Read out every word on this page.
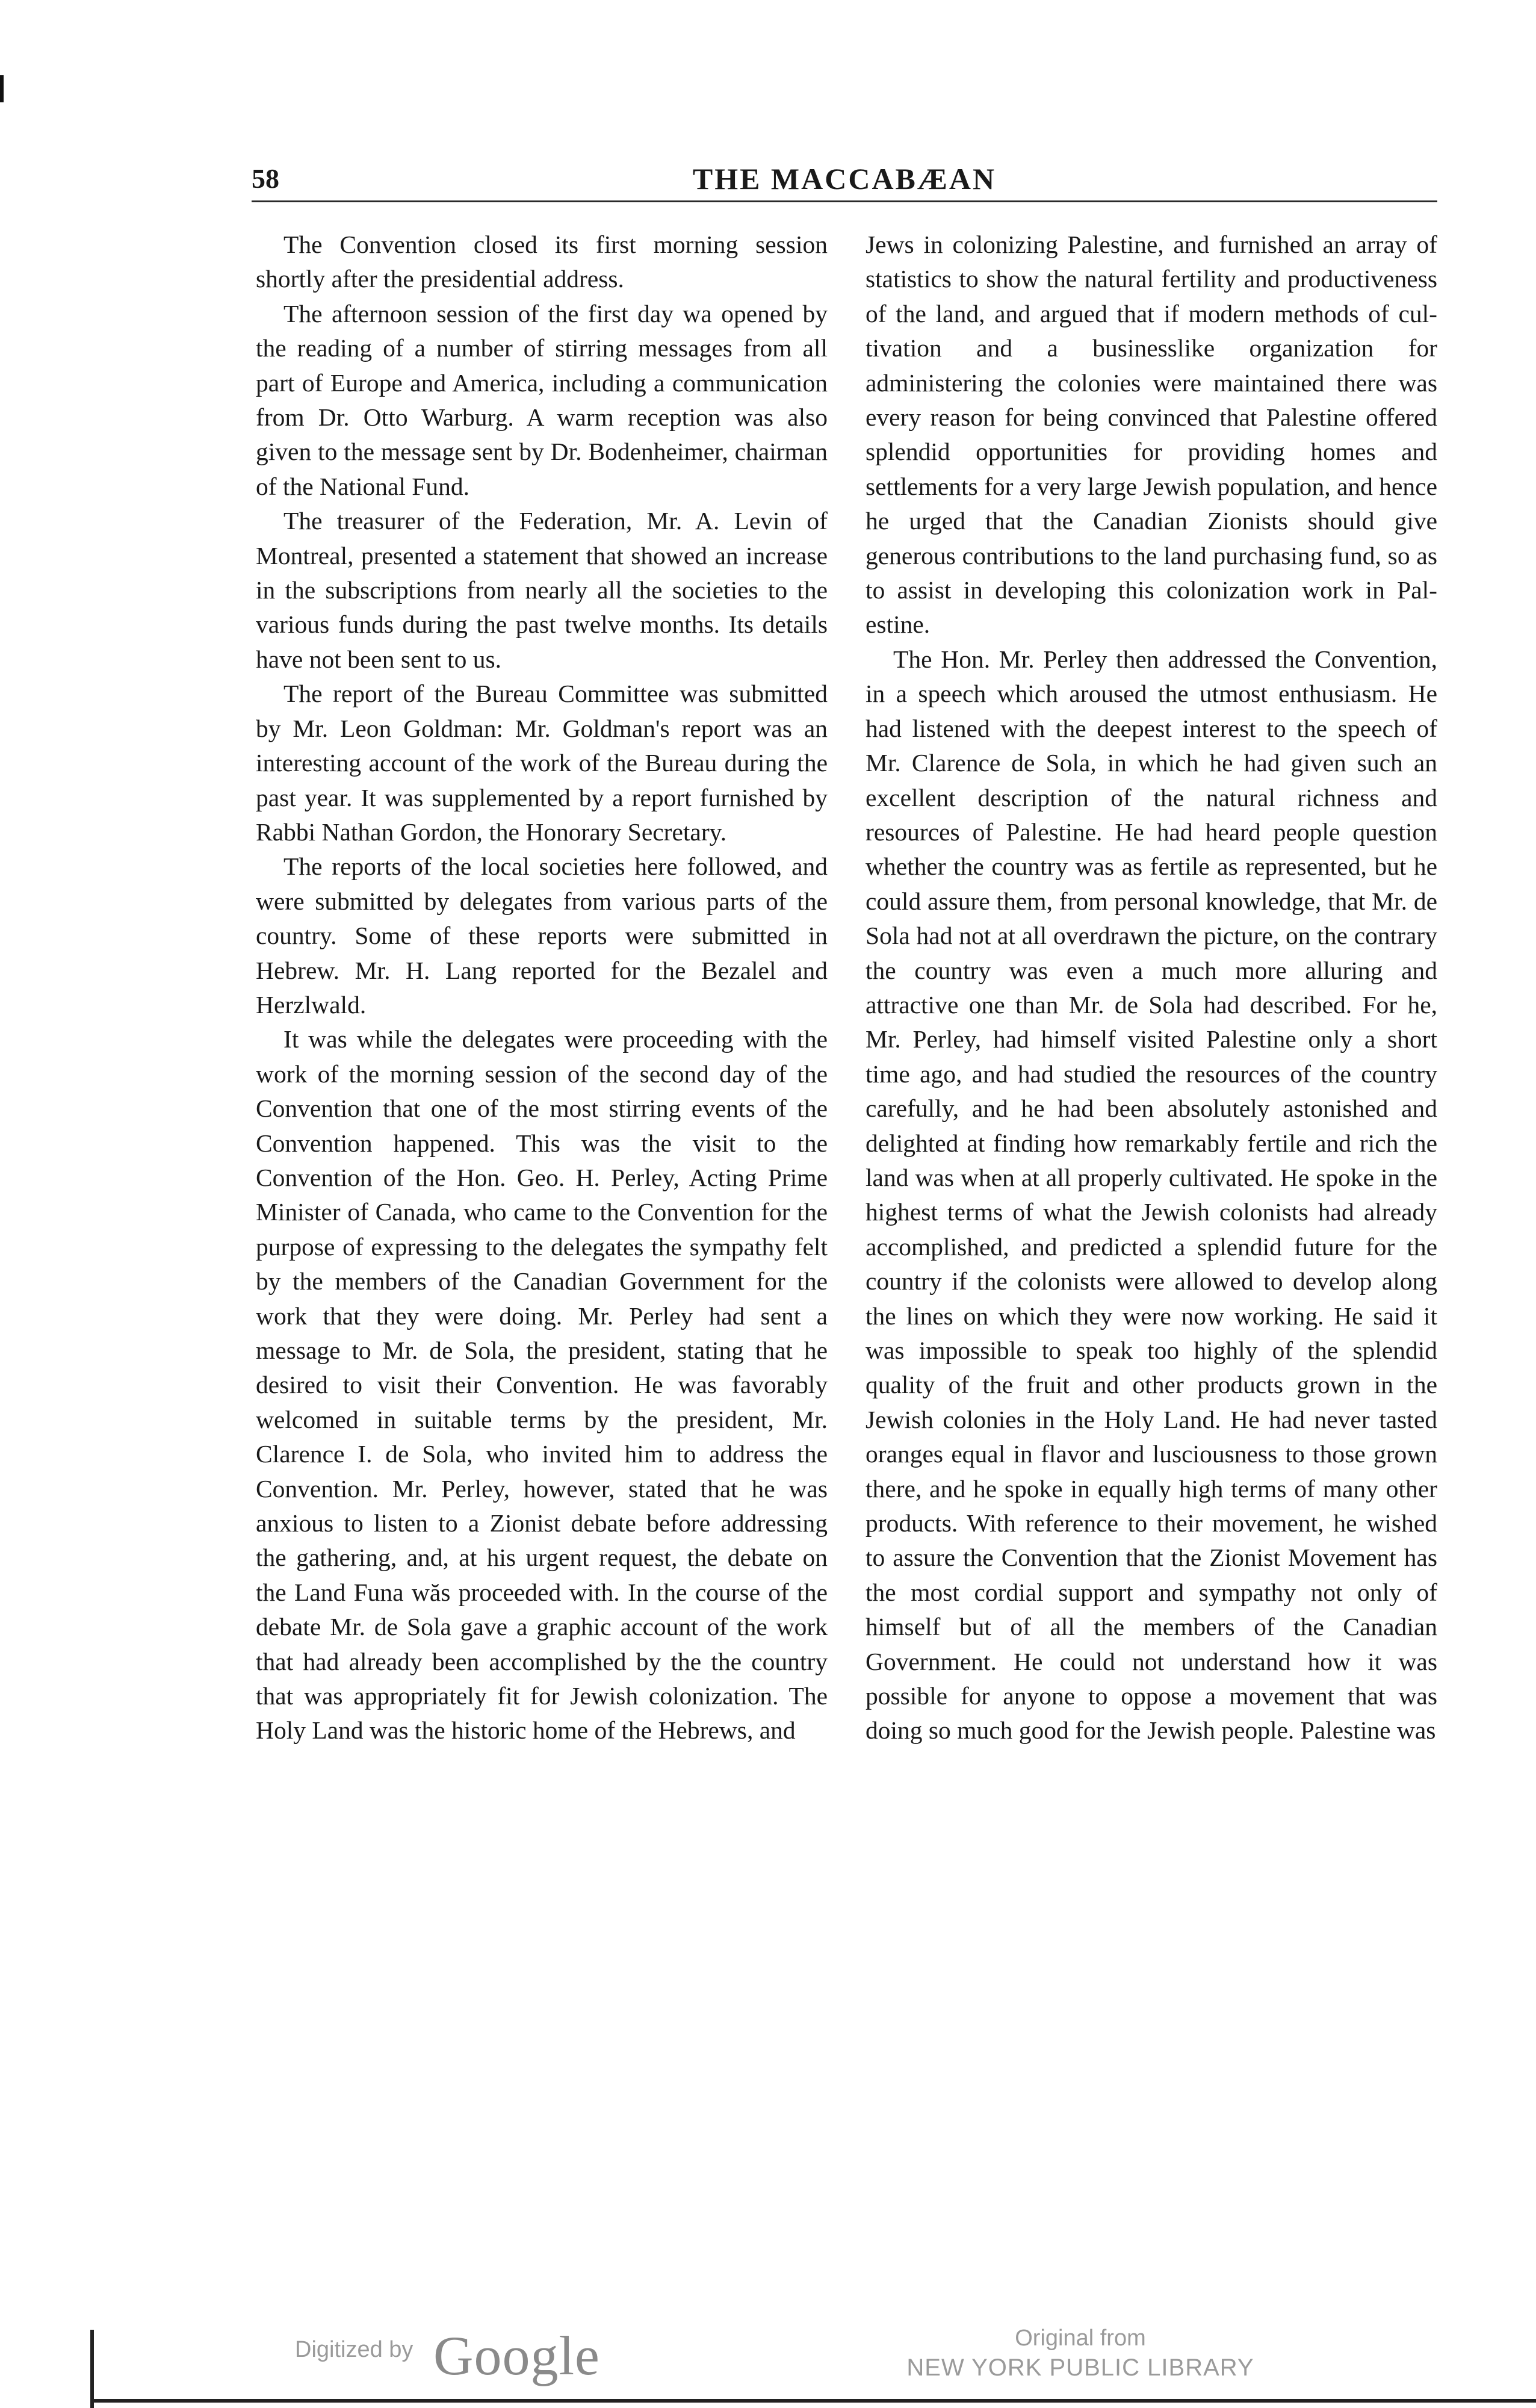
58	THE MACCABÆAN

The Convention closed its first morning session shortly after the presidential address.

The afternoon session of the first day wa opened by the reading of a number of stirring messages from all part of Europe and America, including a communication from Dr. Otto Warburg. A warm reception was also given to the message sent by Dr. Bodenheimer, chairman of the National Fund.

The treasurer of the Federation, Mr. A. Levin of Montreal, presented a statement that showed an increase in the subscriptions from nearly all the societies to the various funds during the past twelve months. Its details have not been sent to us.

The report of the Bureau Committee was submitted by Mr. Leon Goldman: Mr. Goldman's report was an interesting account of the work of the Bureau during the past year. It was supplemented by a report furnished by Rabbi Nathan Gordon, the Honorary Secretary.

The reports of the local societies here followed, and were submitted by delegates from various parts of the country. Some of these reports were submitted in Hebrew. Mr. H. Lang reported for the Bezalel and Herzlwald.

It was while the delegates were proceeding with the work of the morning session of the second day of the Convention that one of the most stirring events of the Convention happened. This was the visit to the Convention of the Hon. Geo. H. Perley, Acting Prime Minister of Canada, who came to the Convention for the purpose of expressing to the delegates the sympathy felt by the members of the Canadian Government for the work that they were doing. Mr. Perley had sent a message to Mr. de Sola, the president, stating that he desired to visit their Convention. He was favorably welcomed in suitable terms by the president, Mr. Clarence I. de Sola, who invited him to address the Convention. Mr. Perley, however, stated that he was anxious to listen to a Zionist debate before addressing the gathering, and, at his urgent request, the debate on the Land Funa wăs proceeded with. In the course of the debate Mr. de Sola gave a graphic account of the work that had already been accomplished by the the country that was appropriately fit for Jewish colonization. The Holy Land was the historic home of the Hebrews, and

Jews in colonizing Palestine, and furnished an array of statistics to show the natural fertility and productiveness of the land, and argued that if modern methods of cultivation and a businesslike organization for administering the colonies were maintained there was every reason for being convinced that Palestine offered splendid opportunities for providing homes and settlements for a very large Jewish population, and hence he urged that the Canadian Zionists should give generous contributions to the land purchasing fund, so as to assist in developing this colonization work in Palestine.

The Hon. Mr. Perley then addressed the Convention, in a speech which aroused the utmost enthusiasm. He had listened with the deepest interest to the speech of Mr. Clarence de Sola, in which he had given such an excellent description of the natural richness and resources of Palestine. He had heard people question whether the country was as fertile as represented, but he could assure them, from personal knowledge, that Mr. de Sola had not at all overdrawn the picture, on the contrary the country was even a much more alluring and attractive one than Mr. de Sola had described. For he, Mr. Perley, had himself visited Palestine only a short time ago, and had studied the resources of the country carefully, and he had been absolutely astonished and delighted at finding how remarkably fertile and rich the land was when at all properly cultivated. He spoke in the highest terms of what the Jewish colonists had already accomplished, and predicted a splendid future for the country if the colonists were allowed to develop along the lines on which they were now working. He said it was impossible to speak too highly of the splendid quality of the fruit and other products grown in the Jewish colonies in the Holy Land. He had never tasted oranges equal in flavor and lusciousness to those grown there, and he spoke in equally high terms of many other products. With reference to their movement, he wished to assure the Convention that the Zionist Movement has the most cordial support and sympathy not only of himself but of all the members of the Canadian Government. He could not understand how it was possible for anyone to oppose a movement that was doing so much good for the Jewish people. Palestine was

Digitized by Google	Original from
NEW YORK PUBLIC LIBRARY
